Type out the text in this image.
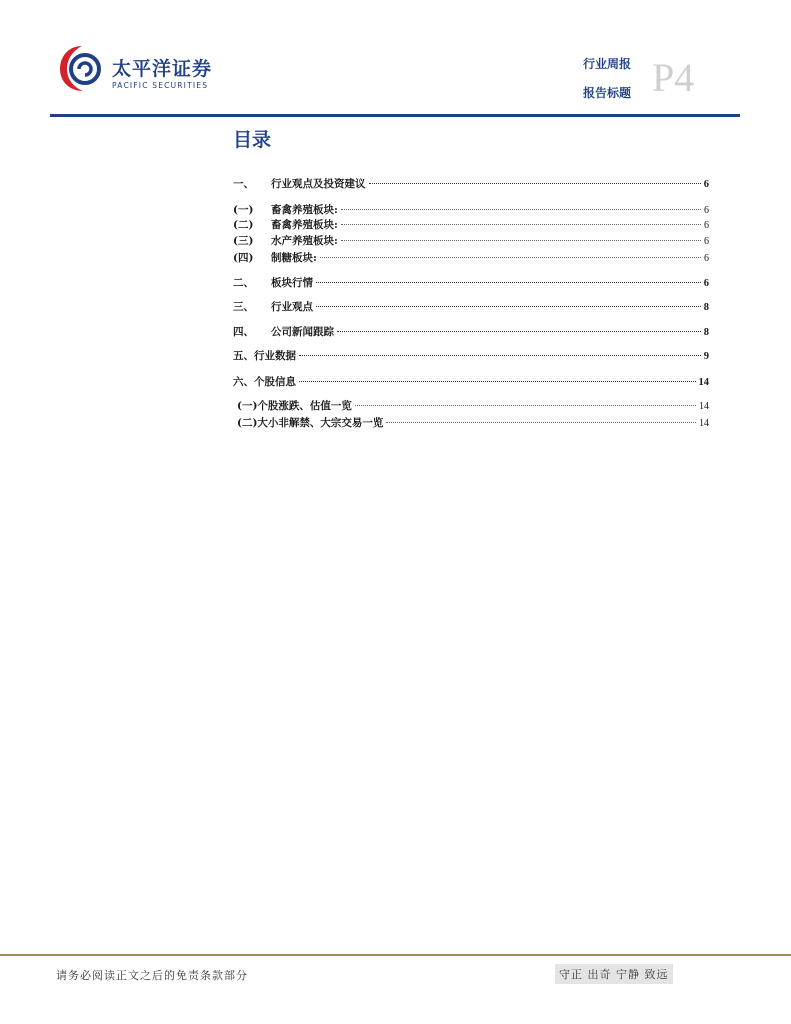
太平洋证券
PACIFIC SECURITIES
行业周报
报告标题 P4
目录
一、	行业观点及投资建议	6
(一)	畜禽养殖板块:	6
(二)	畜禽养殖板块:	6
(三)	水产养殖板块:	6
(四)	制糖板块:	6
二、	板块行情	6
三、	行业观点	8
四、	公司新闻跟踪	8
五、行业数据	9
六、个股信息	14
(一)个股涨跌、估值一览	14
(二)大小非解禁、大宗交易一览	14
请务必阅读正文之后的免责条款部分	守正 出奇 宁静 致远
